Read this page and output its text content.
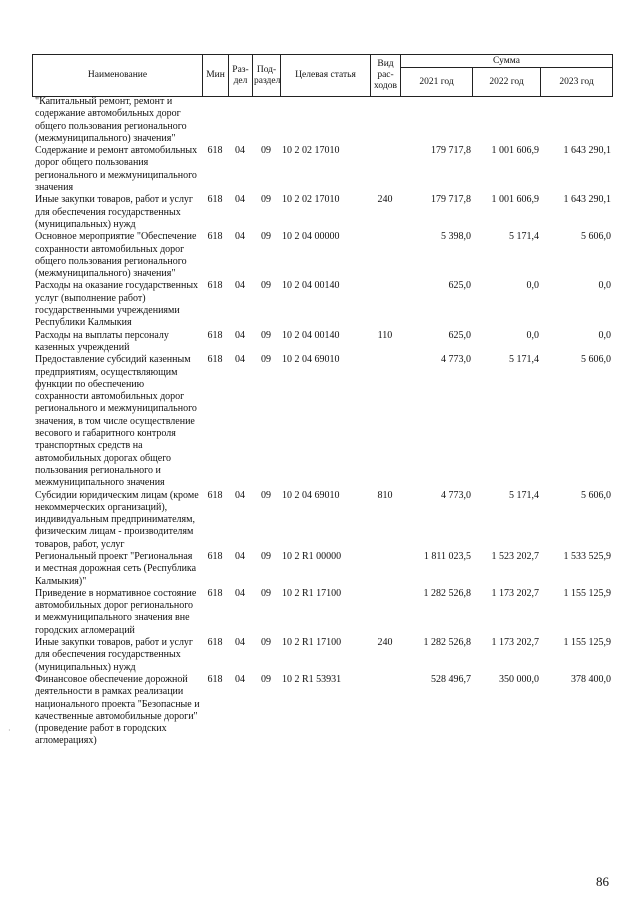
Наименование	Мин	Раз-дел	Под-раздел	Целевая статья	Вид рас-ходов	Сумма		
						2021 год	2022 год	2023 год
"Капитальный ремонт, ремонт и содержание автомобильных дорог общего пользования регионального (межмуниципального) значения"								
Содержание и ремонт автомобильных дорог общего пользования регионального и межмуниципального значения	618	04	09	10 2 02 17010		179 717,8	1 001 606,9	1 643 290,1
Иные закупки товаров, работ и услуг для обеспечения государственных (муниципальных) нужд	618	04	09	10 2 02 17010	240	179 717,8	1 001 606,9	1 643 290,1
Основное мероприятие "Обеспечение сохранности автомобильных дорог общего пользования регионального (межмуниципального) значения"	618	04	09	10 2 04 00000		5 398,0	5 171,4	5 606,0
Расходы на оказание государственных услуг (выполнение работ) государственными учреждениями Республики Калмыкия	618	04	09	10 2 04 00140		625,0	0,0	0,0
Расходы на выплаты персоналу казенных учреждений	618	04	09	10 2 04 00140	110	625,0	0,0	0,0
Предоставление субсидий казенным предприятиям, осуществляющим функции по обеспечению сохранности автомобильных дорог регионального и межмуниципального значения, в том числе осуществление весового и габаритного контроля транспортных средств на автомобильных дорогах общего пользования регионального и межмуниципального значения	618	04	09	10 2 04 69010		4 773,0	5 171,4	5 606,0
Субсидии юридическим лицам (кроме некоммерческих организаций), индивидуальным предпринимателям, физическим лицам - производителям товаров, работ, услуг	618	04	09	10 2 04 69010	810	4 773,0	5 171,4	5 606,0
Региональный проект "Региональная и местная дорожная сеть (Республика Калмыкия)"	618	04	09	10 2 R1 00000		1 811 023,5	1 523 202,7	1 533 525,9
Приведение в нормативное состояние автомобильных дорог регионального и межмуниципального значения вне городских агломераций	618	04	09	10 2 R1 17100		1 282 526,8	1 173 202,7	1 155 125,9
Иные закупки товаров, работ и услуг для обеспечения государственных (муниципальных) нужд	618	04	09	10 2 R1 17100	240	1 282 526,8	1 173 202,7	1 155 125,9
Финансовое обеспечение дорожной деятельности в рамках реализации национального проекта "Безопасные и качественные автомобильные дороги" (проведение работ в городских агломерациях)	618	04	09	10 2 R1 53931		528 496,7	350 000,0	378 400,0
86
·
